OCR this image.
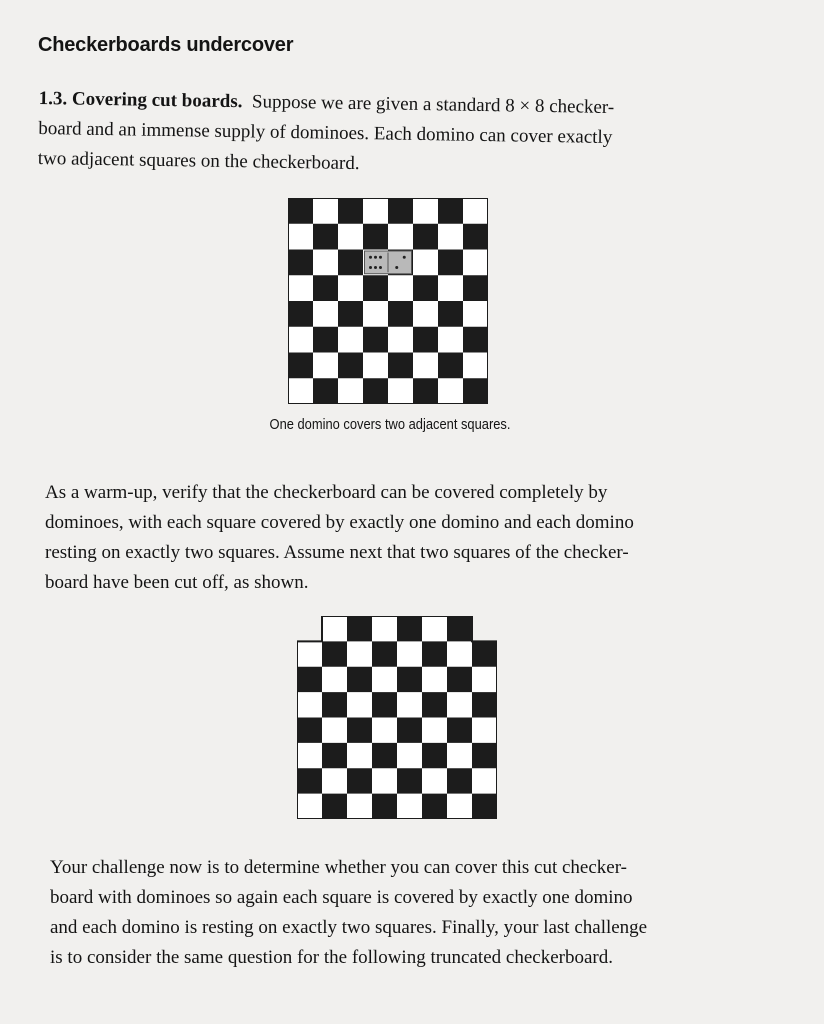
Checkerboards undercover

1.3. Covering cut boards. Suppose we are given a standard 8 × 8 checker-
board and an immense supply of dominoes. Each domino can cover exactly
two adjacent squares on the checkerboard.

One domino covers two adjacent squares.

As a warm-up, verify that the checkerboard can be covered completely by
dominoes, with each square covered by exactly one domino and each domino
resting on exactly two squares. Assume next that two squares of the checker-
board have been cut off, as shown.

Your challenge now is to determine whether you can cover this cut checker-
board with dominoes so again each square is covered by exactly one domino
and each domino is resting on exactly two squares. Finally, your last challenge
is to consider the same question for the following truncated checkerboard.
